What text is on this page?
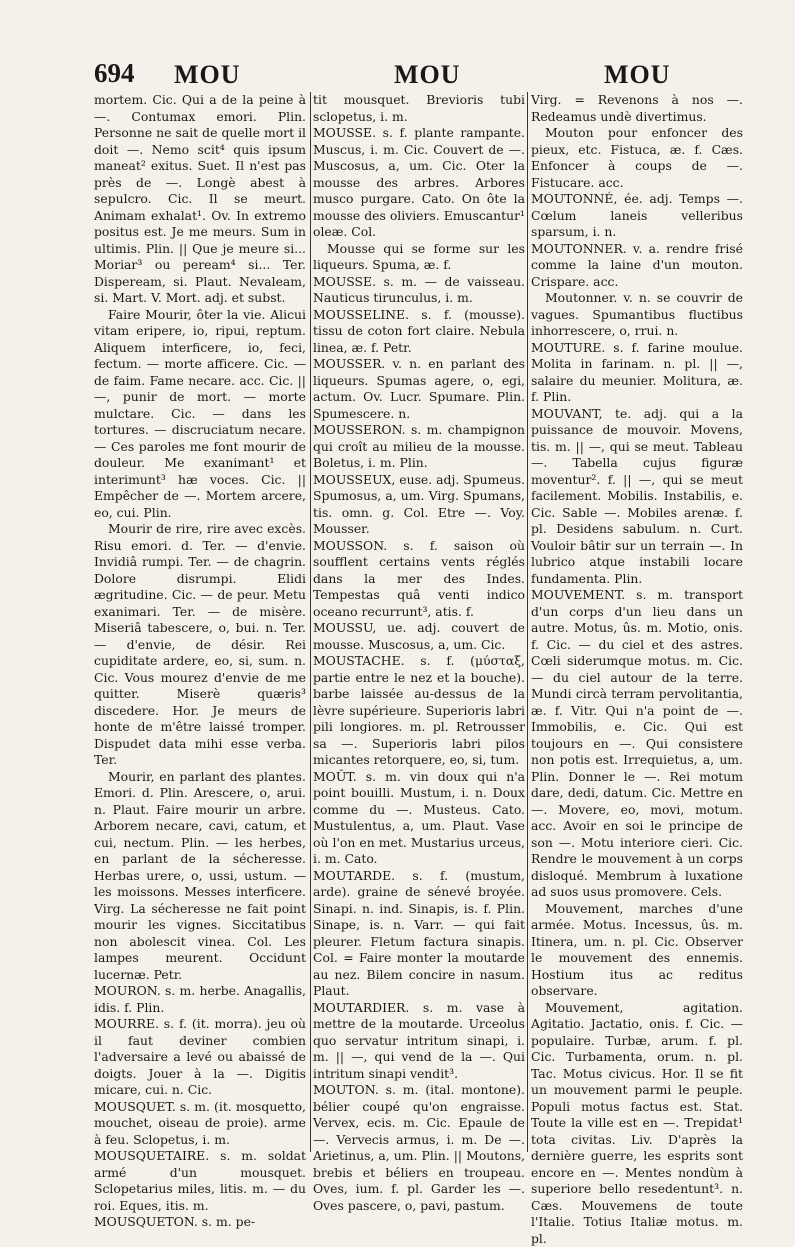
694 MOU	MOU	MOU

mortem. Cic. Qui a de la peine à —. Contumax emori. Plin. Personne ne sait de quelle mort il doit —. Nemo scit⁴ quis ipsum maneat² exitus. Suet. Il n'est pas près de —. Longè abest à sepulcro. Cic. Il se meurt. Animam exhalat¹. Ov. In extremo positus est. Je me meurs. Sum in ultimis. Plin. || Que je meure si... Moriar³ ou peream⁴ si... Ter. Dispeream, si. Plaut. Nevaleam, si. Mart. V. Mort. adj. et subst.

Faire Mourir, ôter la vie. Alicui vitam eripere, io, ripui, reptum. Aliquem interficere, io, feci, fectum. — morte afficere. Cic. — de faim. Fame necare. acc. Cic. || —, punir de mort. — morte mulctare. Cic. — dans les tortures. — discruciatum necare. — Ces paroles me font mourir de douleur. Me exanimant¹ et interimunt³ hæ voces. Cic. || Empêcher de —. Mortem arcere, eo, cui. Plin.

Mourir de rire, rire avec excès. Risu emori. d. Ter. — d'envie. Invidiâ rumpi. Ter. — de chagrin. Dolore disrumpi. Elidi ægritudine. Cic. — de peur. Metu exanimari. Ter. — de misère. Miseriâ tabescere, o, bui. n. Ter. — d'envie, de désir. Rei cupiditate ardere, eo, si, sum. n. Cic. Vous mourez d'envie de me quitter. Miserè quæris³ discedere. Hor. Je meurs de honte de m'être laissé tromper. Dispudet data mihi esse verba. Ter.

Mourir, en parlant des plantes. Emori. d. Plin. Arescere, o, arui. n. Plaut. Faire mourir un arbre. Arborem necare, cavi, catum, et cui, nectum. Plin. — les herbes, en parlant de la sécheresse. Herbas urere, o, ussi, ustum. — les moissons. Messes interficere. Virg. La sécheresse ne fait point mourir les vignes. Siccitatibus non abolescit vinea. Col. Les lampes meurent. Occidunt lucernæ. Petr.

MOURON. s. m. herbe. Anagallis, idis. f. Plin.

MOURRE. s. f. (it. morra). jeu où il faut deviner combien l'adversaire a levé ou abaissé de doigts. Jouer à la —. Digitis micare, cui. n. Cic.

MOUSQUET. s. m. (it. mosquetto, mouchet, oiseau de proie). arme à feu. Sclopetus, i. m.

MOUSQUETAIRE. s. m. soldat armé d'un mousquet. Sclopetarius miles, litis. m. — du roi. Eques, itis. m.

MOUSQUETON. s. m. pe-

tit mousquet. Brevioris tubi sclopetus, i. m.

MOUSSE. s. f. plante rampante. Muscus, i. m. Cic. Couvert de —. Muscosus, a, um. Cic. Oter la mousse des arbres. Arbores musco purgare. Cato. On ôte la mousse des oliviers. Emuscantur¹ oleæ. Col.

Mousse qui se forme sur les liqueurs. Spuma, æ. f.

MOUSSE. s. m. — de vaisseau. Nauticus tirunculus, i. m.

MOUSSELINE. s. f. (mousse). tissu de coton fort claire. Nebula linea, æ. f. Petr.

MOUSSER. v. n. en parlant des liqueurs. Spumas agere, o, egi, actum. Ov. Lucr. Spumare. Plin. Spumescere. n.

MOUSSERON. s. m. champignon qui croît au milieu de la mousse. Boletus, i. m. Plin.

MOUSSEUX, euse. adj. Spumeus. Spumosus, a, um. Virg. Spumans, tis. omn. g. Col. Etre —. Voy. Mousser.

MOUSSON. s. f. saison où soufflent certains vents réglés dans la mer des Indes. Tempestas quâ venti indico oceano recurrunt³, atis. f.

MOUSSU, ue. adj. couvert de mousse. Muscosus, a, um. Cic.

MOUSTACHE. s. f. (μύσταξ, partie entre le nez et la bouche). barbe laissée au-dessus de la lèvre supérieure. Superioris labri pili longiores. m. pl. Retrousser sa —. Superioris labri pilos micantes retorquere, eo, si, tum.

MOÛT. s. m. vin doux qui n'a point bouilli. Mustum, i. n. Doux comme du —. Musteus. Cato. Mustulentus, a, um. Plaut. Vase où l'on en met. Mustarius urceus, i. m. Cato.

MOUTARDE. s. f. (mustum, arde). graine de sénevé broyée. Sinapi. n. ind. Sinapis, is. f. Plin. Sinape, is. n. Varr. — qui fait pleurer. Fletum factura sinapis. Col. = Faire monter la moutarde au nez. Bilem concire in nasum. Plaut.

MOUTARDIER. s. m. vase à mettre de la moutarde. Urceolus quo servatur intritum sinapi, i. m. || —, qui vend de la —. Qui intritum sinapi vendit³.

MOUTON. s. m. (ital. montone). bélier coupé qu'on engraisse. Vervex, ecis. m. Cic. Epaule de —. Vervecis armus, i. m. De —. Arietinus, a, um. Plin. || Moutons, brebis et béliers en troupeau. Oves, ium. f. pl. Garder les —. Oves pascere, o, pavi, pastum.

Virg. = Revenons à nos —. Redeamus undè divertimus.

Mouton pour enfoncer des pieux, etc. Fistuca, æ. f. Cæs. Enfoncer à coups de —. Fistucare. acc.

MOUTONNÉ, ée. adj. Temps —. Cœlum laneis velleribus sparsum, i. n.

MOUTONNER. v. a. rendre frisé comme la laine d'un mouton. Crispare. acc.

Moutonner. v. n. se couvrir de vagues. Spumantibus fluctibus inhorrescere, o, rrui. n.

MOUTURE. s. f. farine moulue. Molita in farinam. n. pl. || —, salaire du meunier. Molitura, æ. f. Plin.

MOUVANT, te. adj. qui a la puissance de mouvoir. Movens, tis. m. || —, qui se meut. Tableau —. Tabella cujus figuræ moventur². f. || —, qui se meut facilement. Mobilis. Instabilis, e. Cic. Sable —. Mobiles arenæ. f. pl. Desidens sabulum. n. Curt. Vouloir bâtir sur un terrain —. In lubrico atque instabili locare fundamenta. Plin.

MOUVEMENT. s. m. transport d'un corps d'un lieu dans un autre. Motus, ûs. m. Motio, onis. f. Cic. — du ciel et des astres. Cœli siderumque motus. m. Cic. — du ciel autour de la terre. Mundi circà terram pervolitantia, æ. f. Vitr. Qui n'a point de —. Immobilis, e. Cic. Qui est toujours en —. Qui consistere non potis est. Irrequietus, a, um. Plin. Donner le —. Rei motum dare, dedi, datum. Cic. Mettre en —. Movere, eo, movi, motum. acc. Avoir en soi le principe de son —. Motu interiore cieri. Cic. Rendre le mouvement à un corps disloqué. Membrum à luxatione ad suos usus promovere. Cels.

Mouvement, marches d'une armée. Motus. Incessus, ûs. m. Itinera, um. n. pl. Cic. Observer le mouvement des ennemis. Hostium itus ac reditus observare.

Mouvement, agitation. Agitatio. Jactatio, onis. f. Cic. — populaire. Turbæ, arum. f. pl. Cic. Turbamenta, orum. n. pl. Tac. Motus civicus. Hor. Il se fit un mouvement parmi le peuple. Populi motus factus est. Stat. Toute la ville est en —. Trepidat¹ tota civitas. Liv. D'après la dernière guerre, les esprits sont encore en —. Mentes nondùm à superiore bello resedentunt³. n. Cæs. Mouvemens de toute l'Italie. Totius Italiæ motus. m. pl.
